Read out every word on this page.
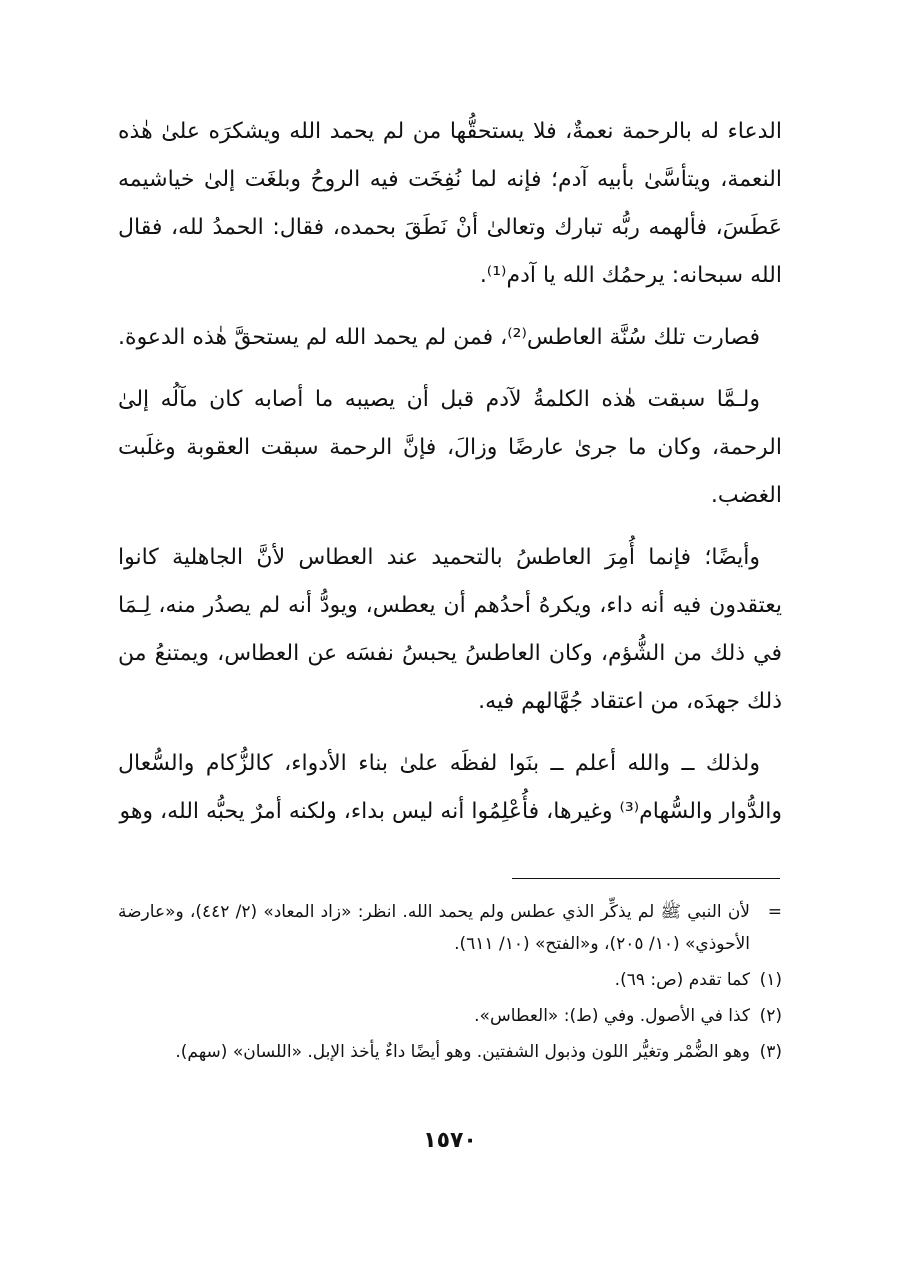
الدعاء له بالرحمة نعمةٌ، فلا يستحقُّها من لم يحمد الله ويشكرَه علىٰ هٰذه النعمة، ويتأسَّىٰ بأبيه آدم؛ فإنه لما نُفِخَت فيه الروحُ وبلغَت إلىٰ خياشيمه عَطَسَ، فألهمه ربُّه تبارك وتعالىٰ أنْ نَطَقَ بحمده، فقال: الحمدُ لله، فقال الله سبحانه: يرحمُك الله يا آدم⁽¹⁾.

فصارت تلك سُنَّة العاطس⁽²⁾، فمن لم يحمد الله لم يستحقَّ هٰذه الدعوة.

ولـمَّا سبقت هٰذه الكلمةُ لآدم قبل أن يصيبه ما أصابه كان مآلُه إلىٰ الرحمة، وكان ما جرىٰ عارضًا وزالَ، فإنَّ الرحمة سبقت العقوبة وغلَبت الغضب.

وأيضًا؛ فإنما أُمِرَ العاطسُ بالتحميد عند العطاس لأنَّ الجاهلية كانوا يعتقدون فيه أنه داء، ويكرهُ أحدُهم أن يعطس، ويودُّ أنه لم يصدُر منه، لِـمَا في ذلك من الشُّؤم، وكان العاطسُ يحبسُ نفسَه عن العطاس، ويمتنعُ من ذلك جهدَه، من اعتقاد جُهَّالهم فيه.

ولذلك ــ والله أعلم ــ بنَوا لفظَه علىٰ بناء الأدواء، كالزُّكام والسُّعال والدُّوار والسُّهام⁽³⁾ وغيرها، فأُعْلِمُوا أنه ليس بداء، ولكنه أمرٌ يحبُّه الله، وهو

=
لأن النبي ﷺ لم يذكِّر الذي عطس ولم يحمد الله. انظر: «زاد المعاد» (٢/ ٤٤٢)، و«عارضة الأحوذي» (١٠/ ٢٠٥)، و«الفتح» (١٠/ ٦١١).
(١)
كما تقدم (ص: ٦٩).
(٢)
كذا في الأصول. وفي (ط): «العطاس».
(٣)
وهو الضُّمْر وتغيُّر اللون وذبول الشفتين. وهو أيضًا داءٌ يأخذ الإبل. «اللسان» (سهم).
١٥٧٠
